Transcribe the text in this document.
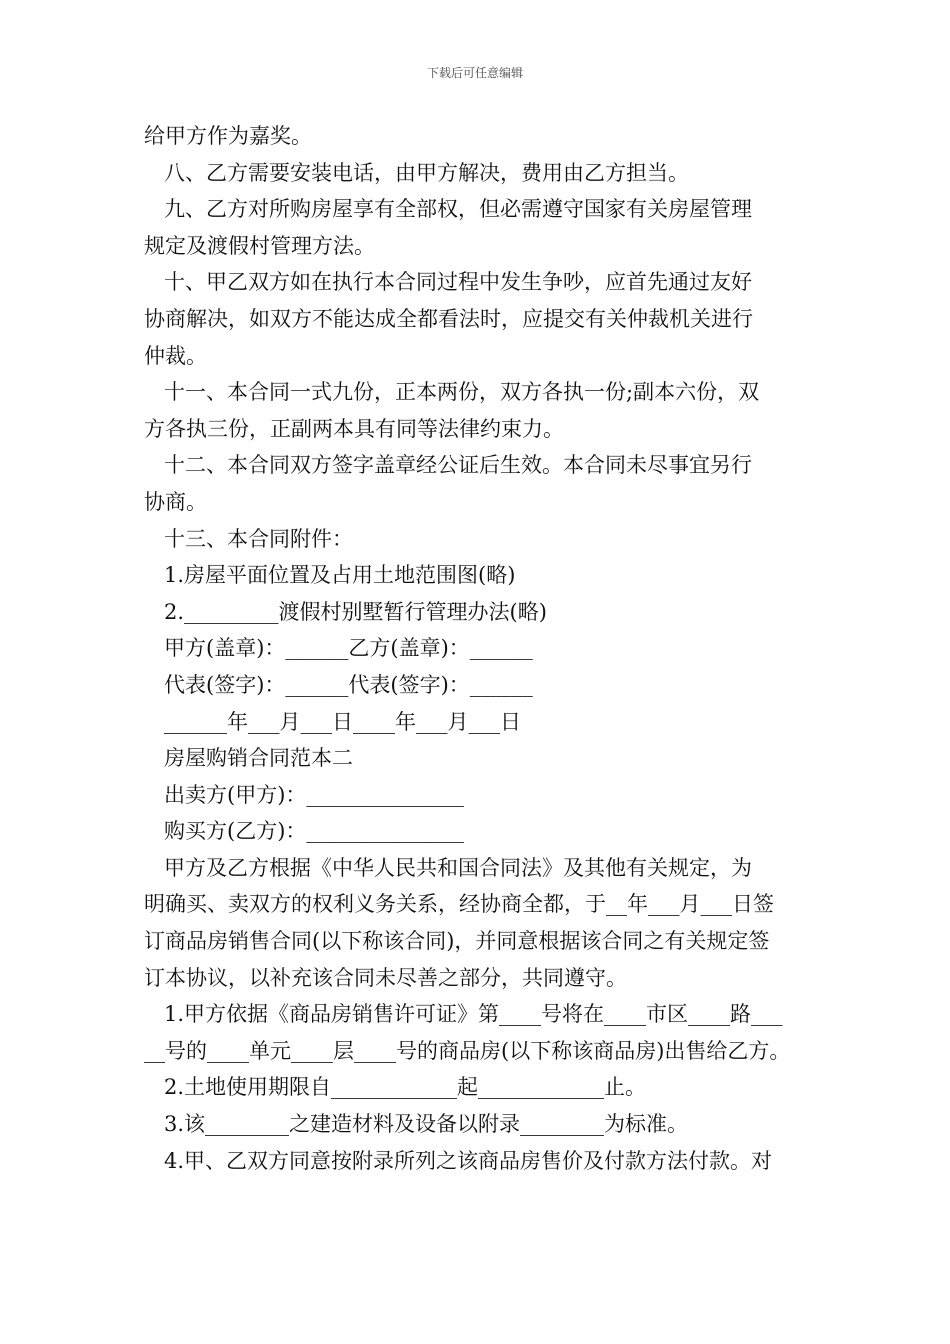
下载后可任意编辑
给甲方作为嘉奖。
八、乙方需要安装电话，由甲方解决，费用由乙方担当。
九、乙方对所购房屋享有全部权，但必需遵守国家有关房屋管理
规定及渡假村管理方法。
十、甲乙双方如在执行本合同过程中发生争吵，应首先通过友好
协商解决，如双方不能达成全都看法时，应提交有关仲裁机关进行
仲裁。
十一、本合同一式九份，正本两份，双方各执一份;副本六份，双
方各执三份，正副两本具有同等法律约束力。
十二、本合同双方签字盖章经公证后生效。本合同未尽事宜另行
协商。
十三、本合同附件：
1.房屋平面位置及占用土地范围图(略)
2._________渡假村别墅暂行管理办法(略)
甲方(盖章)：______乙方(盖章)：______
代表(签字)：______代表(签字)：______
______年___月___日____年___月___日
房屋购销合同范本二
出卖方(甲方)：_______________
购买方(乙方)：_______________
甲方及乙方根据《中华人民共和国合同法》及其他有关规定，为
明确买、卖双方的权利义务关系，经协商全都，于__年___月___日签
订商品房销售合同(以下称该合同)，并同意根据该合同之有关规定签
订本协议，以补充该合同未尽善之部分，共同遵守。
1.甲方依据《商品房销售许可证》第____号将在____市区____路___
__号的____单元____层____号的商品房(以下称该商品房)出售给乙方。
2.土地使用期限自____________起____________止。
3.该________之建造材料及设备以附录________为标准。
4.甲、乙双方同意按附录所列之该商品房售价及付款方法付款。对
